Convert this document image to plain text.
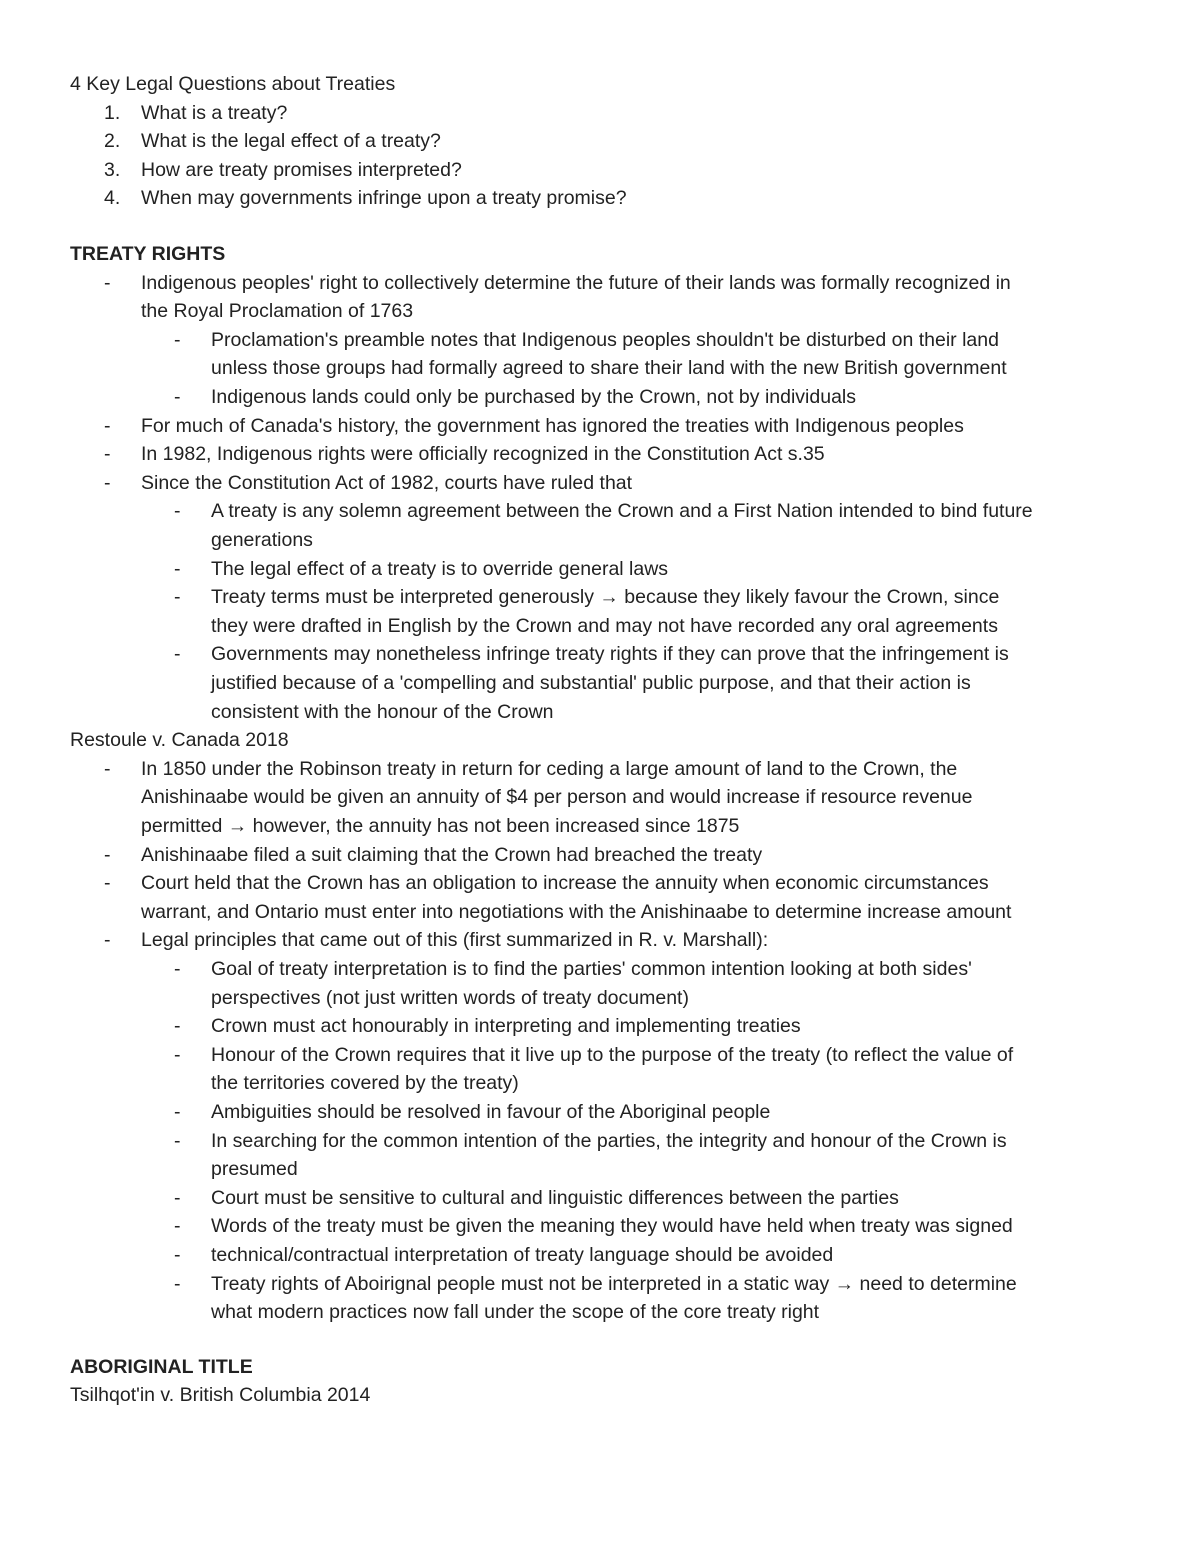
4 Key Legal Questions about Treaties
1. What is a treaty?
2. What is the legal effect of a treaty?
3. How are treaty promises interpreted?
4. When may governments infringe upon a treaty promise?
TREATY RIGHTS
- Indigenous peoples' right to collectively determine the future of their lands was formally recognized in
the Royal Proclamation of 1763
- Proclamation's preamble notes that Indigenous peoples shouldn't be disturbed on their land
unless those groups had formally agreed to share their land with the new British government
- Indigenous lands could only be purchased by the Crown, not by individuals
- For much of Canada's history, the government has ignored the treaties with Indigenous peoples
- In 1982, Indigenous rights were officially recognized in the Constitution Act s.35
- Since the Constitution Act of 1982, courts have ruled that
- A treaty is any solemn agreement between the Crown and a First Nation intended to bind future
generations
- The legal effect of a treaty is to override general laws
- Treaty terms must be interpreted generously → because they likely favour the Crown, since
they were drafted in English by the Crown and may not have recorded any oral agreements
- Governments may nonetheless infringe treaty rights if they can prove that the infringement is
justified because of a 'compelling and substantial' public purpose, and that their action is
consistent with the honour of the Crown
Restoule v. Canada 2018
- In 1850 under the Robinson treaty in return for ceding a large amount of land to the Crown, the
Anishinaabe would be given an annuity of $4 per person and would increase if resource revenue
permitted → however, the annuity has not been increased since 1875
- Anishinaabe filed a suit claiming that the Crown had breached the treaty
- Court held that the Crown has an obligation to increase the annuity when economic circumstances
warrant, and Ontario must enter into negotiations with the Anishinaabe to determine increase amount
- Legal principles that came out of this (first summarized in R. v. Marshall):
- Goal of treaty interpretation is to find the parties' common intention looking at both sides'
perspectives (not just written words of treaty document)
- Crown must act honourably in interpreting and implementing treaties
- Honour of the Crown requires that it live up to the purpose of the treaty (to reflect the value of
the territories covered by the treaty)
- Ambiguities should be resolved in favour of the Aboriginal people
- In searching for the common intention of the parties, the integrity and honour of the Crown is
presumed
- Court must be sensitive to cultural and linguistic differences between the parties
- Words of the treaty must be given the meaning they would have held when treaty was signed
- technical/contractual interpretation of treaty language should be avoided
- Treaty rights of Aboirignal people must not be interpreted in a static way → need to determine
what modern practices now fall under the scope of the core treaty right
ABORIGINAL TITLE
Tsilhqot'in v. British Columbia 2014
